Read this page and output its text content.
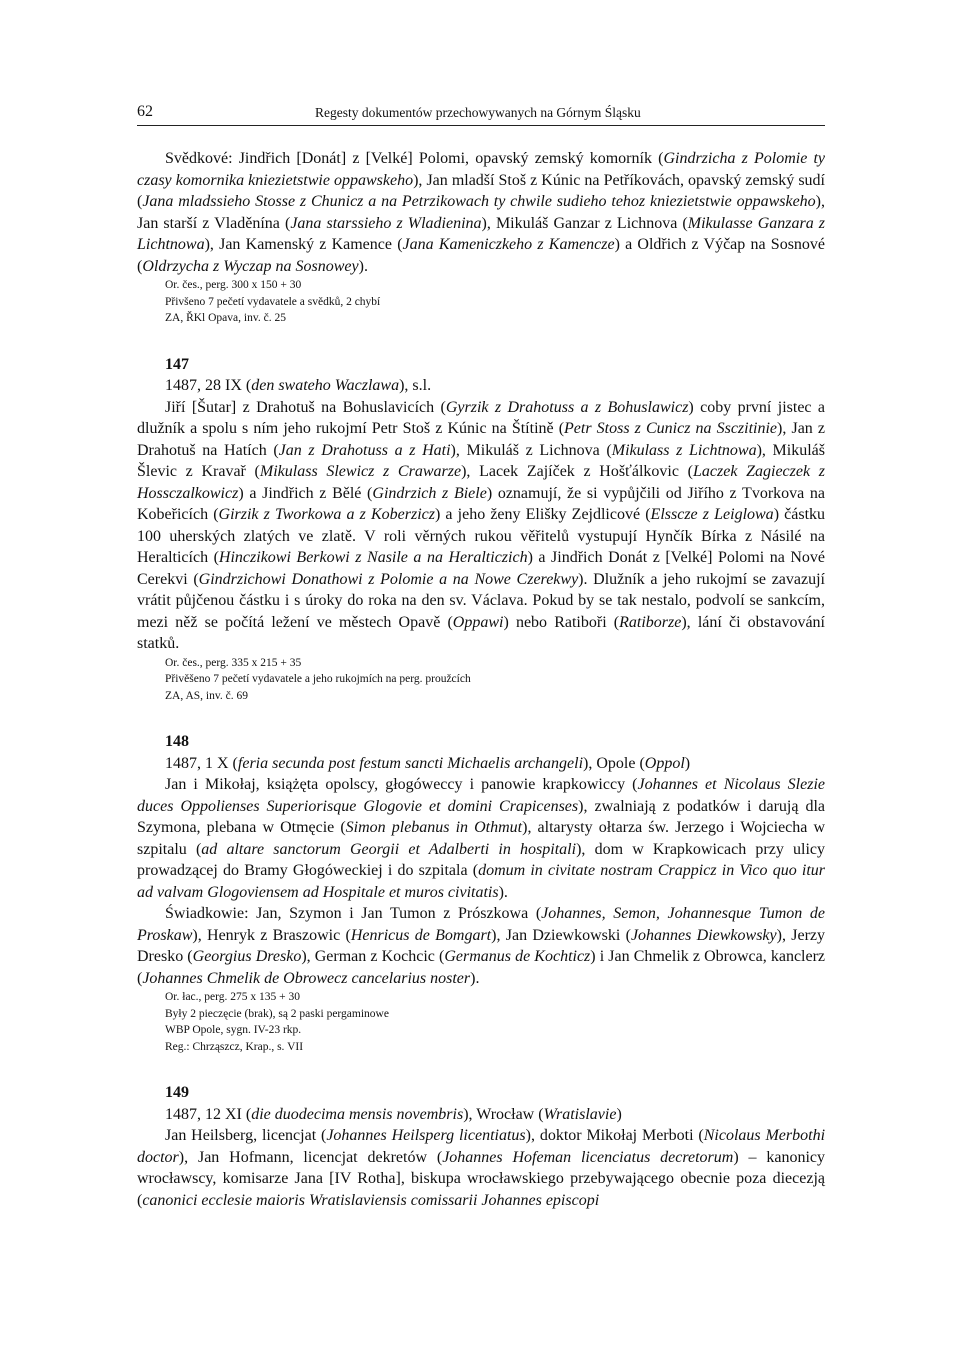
62	Regesty dokumentów przechowywanych na Górnym Śląsku

Svědkové: Jindřich [Donát] z [Velké] Polomi, opavský zemský komorník (Gindrzicha z Polomie ty czasy komornika kniezietstwie oppawskeho), Jan mladší Stoš z Kúnic na Petříkovách, opavský zemský sudí (Jana mladssieho Stosse z Chunicz a na Petrzikowach ty chwile sudieho tehoz kniezietstwie oppawskeho), Jan starší z Vladěnína (Jana starssieho z Wladienina), Mikuláš Ganzar z Lichnova (Mikulasse Ganzara z Lichtnowa), Jan Kamenský z Kamence (Jana Kameniczkeho z Kamencze) a Oldřich z Výčap na Sosnové (Oldrzycha z Wyczap na Sosnowey).

Or. čes., perg. 300 x 150 + 30
Přivšeno 7 pečetí vydavatele a svědků, 2 chybí
ZA, ŘKl Opava, inv. č. 25
147
1487, 28 IX (den swateho Waczlawa), s.l.

Jiří [Šutar] z Drahotuš na Bohuslavicích (Gyrzik z Drahotuss a z Bohuslawicz) coby první jistec a dlužník a spolu s ním jeho rukojmí Petr Stoš z Kúnic na Štítině (Petr Stoss z Cunicz na Ssczitinie), Jan z Drahotuš na Hatích (Jan z Drahotuss a z Hati), Mikuláš z Lichnova (Mikulass z Lichtnowa), Mikuláš Šlevic z Kravař (Mikulass Slewicz z Crawarze), Lacek Zajíček z Hošťálkovic (Laczek Zagieczek z Hossczalkowicz) a Jindřich z Bělé (Gindrzich z Biele) oznamují, že si vypůjčili od Jiřího z Tvorkova na Kobeřicích (Girzik z Tworkowa a z Koberzicz) a jeho ženy Elišky Zejdlicové (Elsscze z Leiglowa) částku 100 uherských zlatých ve zlatě. V roli věrných rukou věřitelů vystupují Hynčík Bírka z Násilé na Heralticích (Hinczikowi Berkowi z Nasile a na Heralticzich) a Jindřich Donát z [Velké] Polomi na Nové Cerekvi (Gindrzichowi Donathowi z Polomie a na Nowe Czerekwy). Dlužník a jeho rukojmí se zavazují vrátit půjčenou částku i s úroky do roka na den sv. Václava. Pokud by se tak nestalo, podvolí se sankcím, mezi něž se počítá ležení ve městech Opavě (Oppawi) nebo Ratiboři (Ratiborze), lání či obstavování statků.

Or. čes., perg. 335 x 215 + 35
Přivěšeno 7 pečetí vydavatele a jeho rukojmích na perg. proužcích
ZA, AS, inv. č. 69
148
1487, 1 X (feria secunda post festum sancti Michaelis archangeli), Opole (Oppol)

Jan i Mikołaj, książęta opolscy, głogóweccy i panowie krapkowiccy (Johannes et Nicolaus Slezie duces Oppolienses Superiorisque Glogovie et domini Crapicenses), zwalniają z podatków i darują dla Szymona, plebana w Otmęcie (Simon plebanus in Othmut), altarysty ołtarza św. Jerzego i Wojciecha w szpitalu (ad altare sanctorum Georgii et Adalberti in hospitali), dom w Krapkowicach przy ulicy prowadzącej do Bramy Głogóweckiej i do szpitala (domum in civitate nostram Crappicz in Vico quo itur ad valvam Glogoviensem ad Hospitale et muros civitatis).

Świadkowie: Jan, Szymon i Jan Tumon z Prószkowa (Johannes, Semon, Johannesque Tumon de Proskaw), Henryk z Braszowic (Henricus de Bomgart), Jan Dziewkowski (Johannes Diewkowsky), Jerzy Dresko (Georgius Dresko), German z Kochcic (Germanus de Kochticz) i Jan Chmelik z Obrowca, kanclerz (Johannes Chmelik de Obrowecz cancelarius noster).

Or. łac., perg. 275 x 135 + 30
Były 2 pieczęcie (brak), są 2 paski pergaminowe
WBP Opole, sygn. IV-23 rkp.
Reg.: Chrząszcz, Krap., s. VII
149
1487, 12 XI (die duodecima mensis novembris), Wrocław (Wratislavie)

Jan Heilsberg, licencjat (Johannes Heilsperg licentiatus), doktor Mikołaj Merboti (Nicolaus Merbothi doctor), Jan Hofmann, licencjat dekretów (Johannes Hofeman licenciatus decretorum) – kanonicy wrocławscy, komisarze Jana [IV Rotha], biskupa wrocławskiego przebywającego obecnie poza diecezją (canonici ecclesie maioris Wratislaviensis comissarii Johannes episcopi
